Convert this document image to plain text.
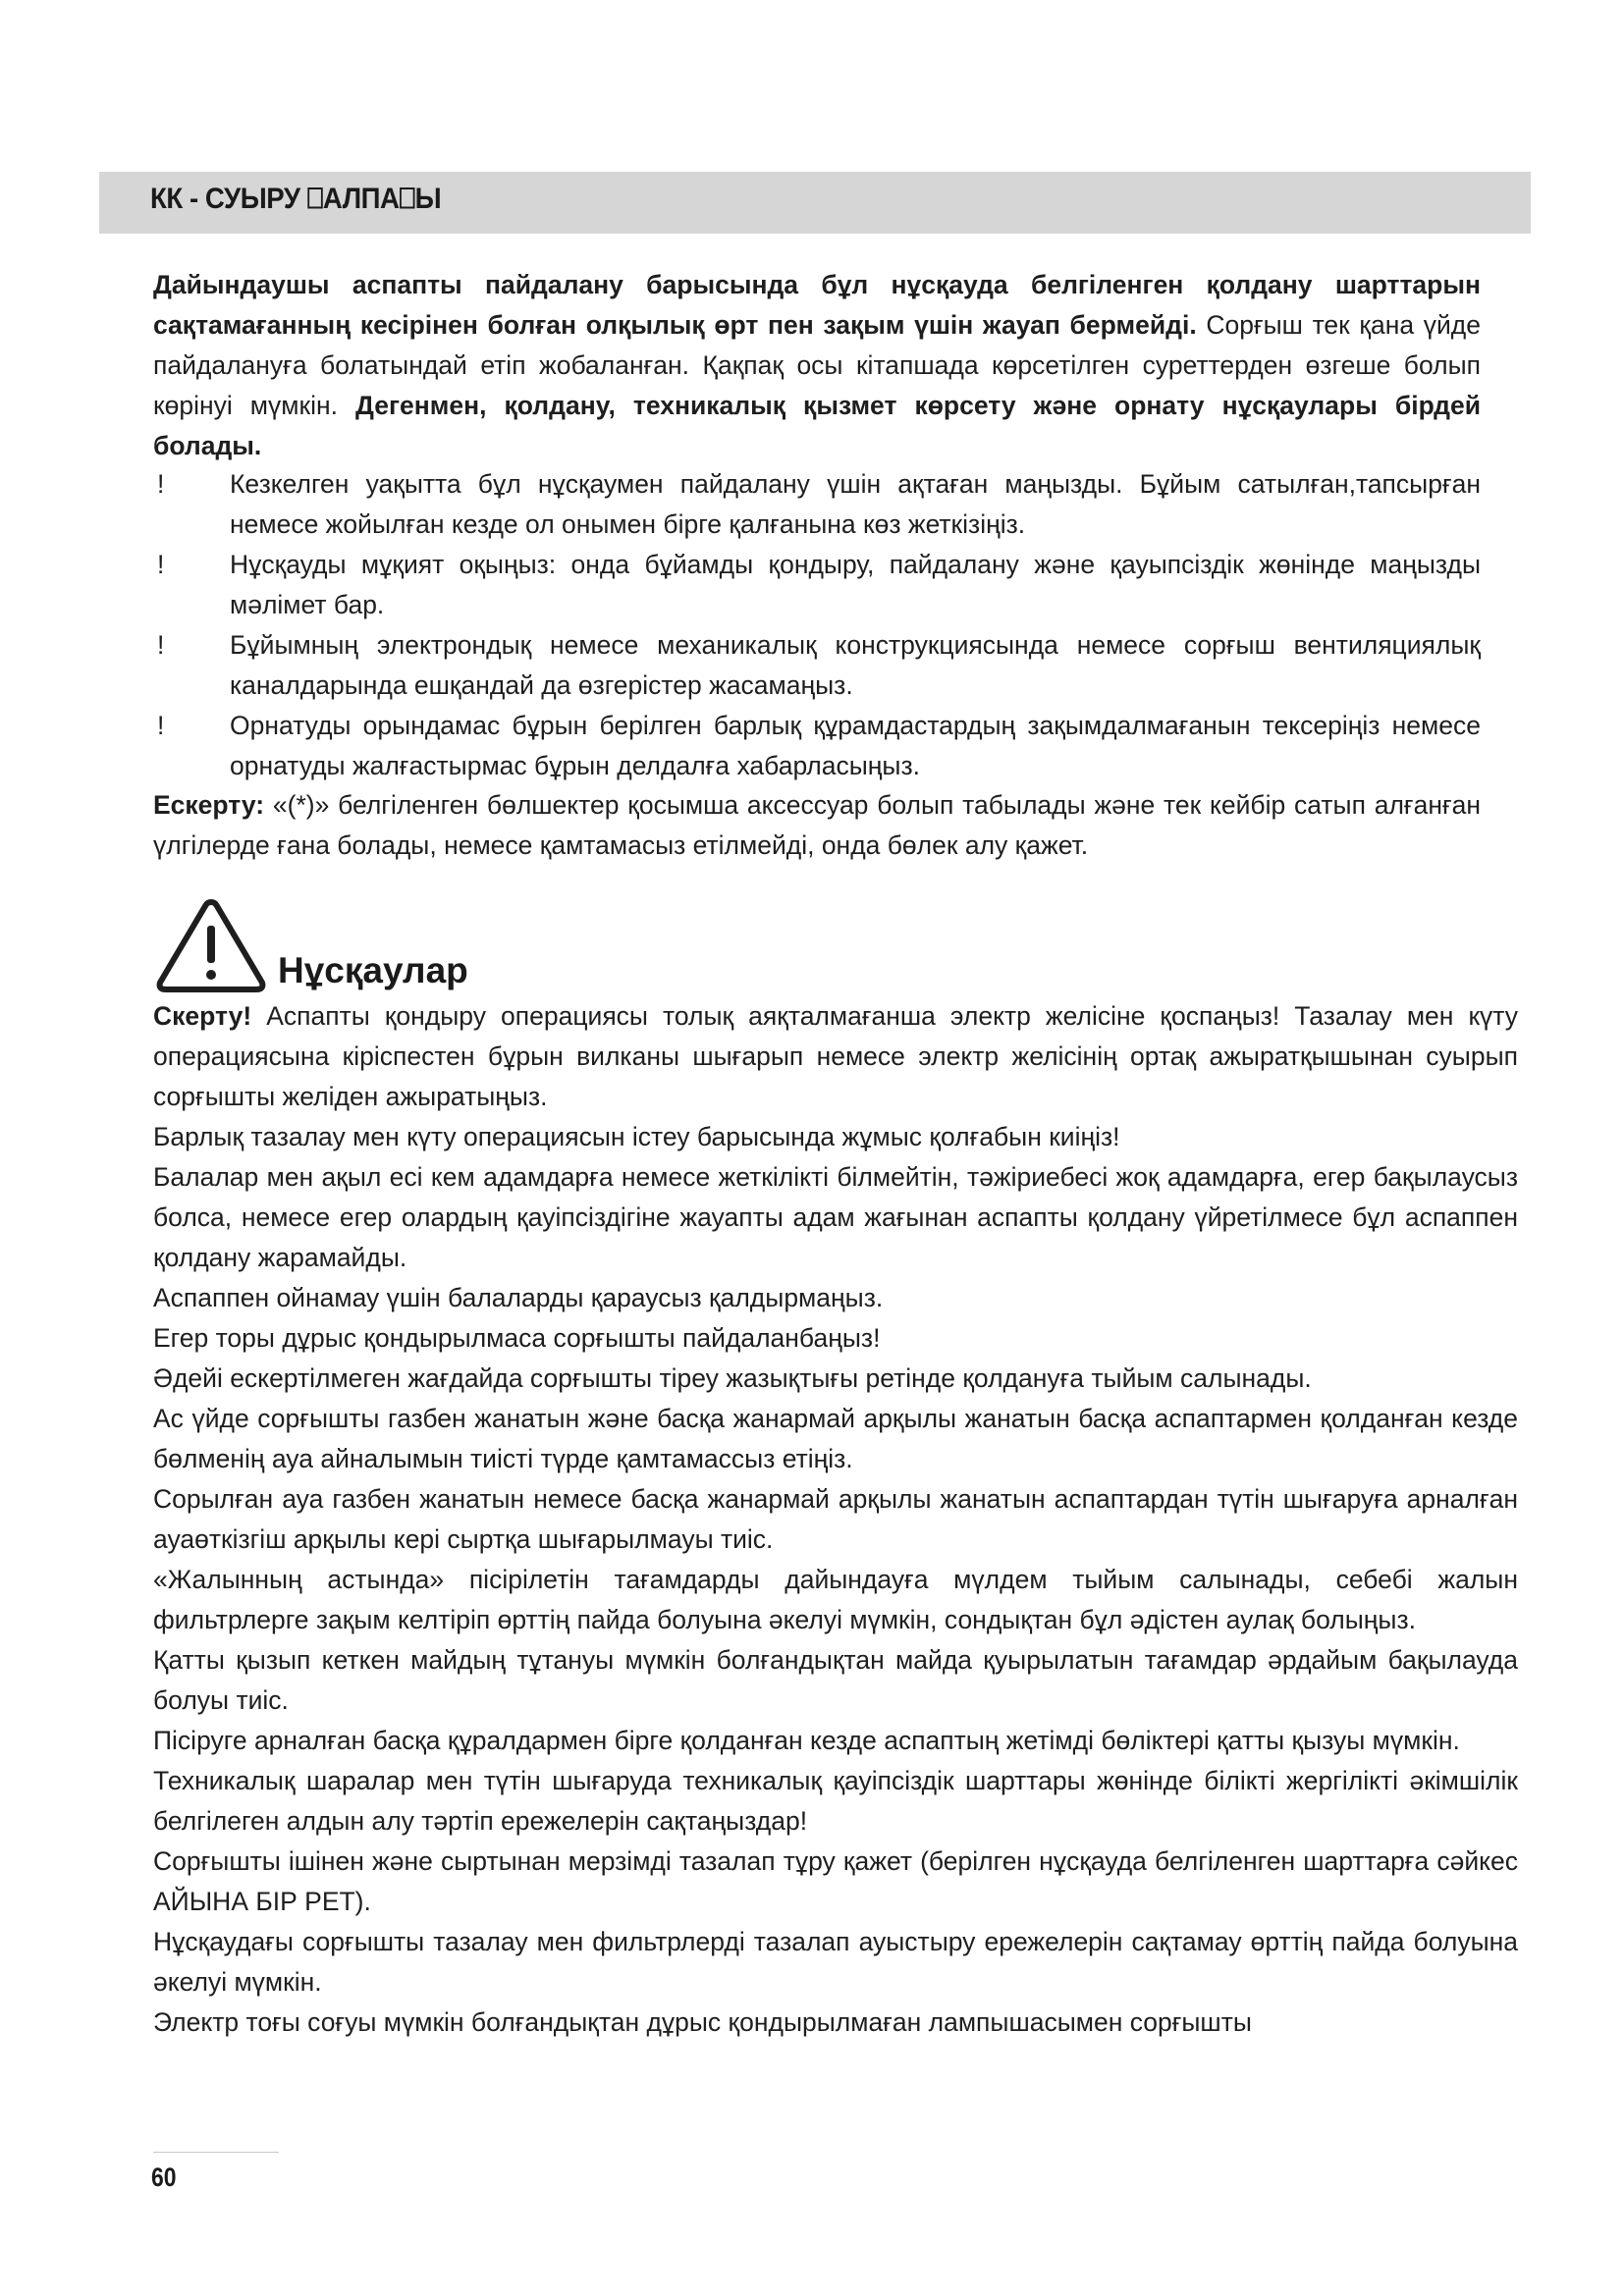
КК - СУЫРУ ⎕АЛПА⎕Ы
Дайындаушы аспапты пайдалану барысында бұл нұсқауда белгіленген қолдану шарттарын сақтамағанның кесірінен болған олқылық өрт пен зақым үшін жауап бермейді. Сорғыш тек қана үйде пайдалануға болатындай етіп жобаланған. Қақпақ осы кітапшада көрсетілген суреттерден өзгеше болып көрінуі мүмкін. Дегенмен, қолдану, техникалық қызмет көрсету және орнату нұсқаулары бірдей болады.
!	Кезкелген уақытта бұл нұсқаумен пайдалану үшін ақтаған маңызды. Бұйым сатылған,тапсырған немесе жойылған кезде ол онымен бірге қалғанына көз жеткізіңіз.
!	Нұсқауды мұқият оқыңыз: онда бұйамды қондыру, пайдалану және қауыпсіздік жөнінде маңызды мәлімет бар.
!	Бұйымның электрондық немесе механикалық конструкциясында немесе сорғыш вентиляциялық каналдарында ешқандай да өзгерістер жасамаңыз.
!	Орнатуды орындамас бұрын берілген барлық құрамдастардың зақымдалмағанын тексеріңіз немесе орнатуды жалғастырмас бұрын делдалға хабарласыңыз.
Ескерту: «(*)» белгіленген бөлшектер қосымша аксессуар болып табылады және тек кейбір сатып алғанған үлгілерде ғана болады, немесе қамтамасыз етілмейді, онда бөлек алу қажет.
Нұсқаулар

Скерту! Аспапты қондыру операциясы толық аяқталмағанша электр желісіне қоспаңыз! Тазалау мен күту операциясына кіріспестен бұрын вилканы шығарып немесе электр желісінің ортақ ажыратқышынан суырып сорғышты желіден ажыратыңыз.

Барлық тазалау мен күту операциясын істеу барысында жұмыс қолғабын киіңіз!

Балалар мен ақыл есі кем адамдарға немесе жеткілікті білмейтін, тәжіриебесі жоқ адамдарға, егер бақылаусыз болса, немесе егер олардың қауіпсіздігіне жауапты адам жағынан аспапты қолдану үйретілмесе бұл аспаппен қолдану жарамайды.

Аспаппен ойнамау үшін балаларды қараусыз қалдырмаңыз.

Егер торы дұрыс қондырылмаса сорғышты пайдаланбаңыз!

Әдейі ескертілмеген жағдайда сорғышты тіреу жазықтығы ретінде қолдануға тыйым салынады.

Ас үйде сорғышты газбен жанатын және басқа жанармай арқылы жанатын басқа аспаптармен қолданған кезде бөлменің ауа айналымын тиісті түрде қамтамассыз етіңіз.

Сорылған ауа газбен жанатын немесе басқа жанармай арқылы жанатын аспаптардан түтін шығаруға арналған ауаөткізгіш арқылы кері сыртқа шығарылмауы тиіс.

«Жалынның астында» пісірілетін тағамдарды дайындауға мүлдем тыйым салынады, себебі жалын фильтрлерге зақым келтіріп өрттің пайда болуына әкелуі мүмкін, сондықтан бұл әдістен аулақ болыңыз.

Қатты қызып кеткен майдың тұтануы мүмкін болғандықтан майда қуырылатын тағамдар әрдайым бақылауда болуы тиіс.

Пісіруге арналған басқа құралдармен бірге қолданған кезде аспаптың жетімді бөліктері қатты қызуы мүмкін.

Техникалық шаралар мен түтін шығаруда техникалық қауіпсіздік шарттары жөнінде білікті жергілікті әкімшілік белгілеген алдын алу тәртіп ережелерін сақтаңыздар!

Сорғышты ішінен және сыртынан мерзімді тазалап тұру қажет (берілген нұсқауда белгіленген шарттарға сәйкес АЙЫНА БІР РЕТ).

Нұсқаудағы сорғышты тазалау мен фильтрлерді тазалап ауыстыру ережелерін сақтамау өрттің пайда болуына әкелуі мүмкін.

Электр тоғы соғуы мүмкін болғандықтан дұрыс қондырылмаған лампышасымен сорғышты

60
